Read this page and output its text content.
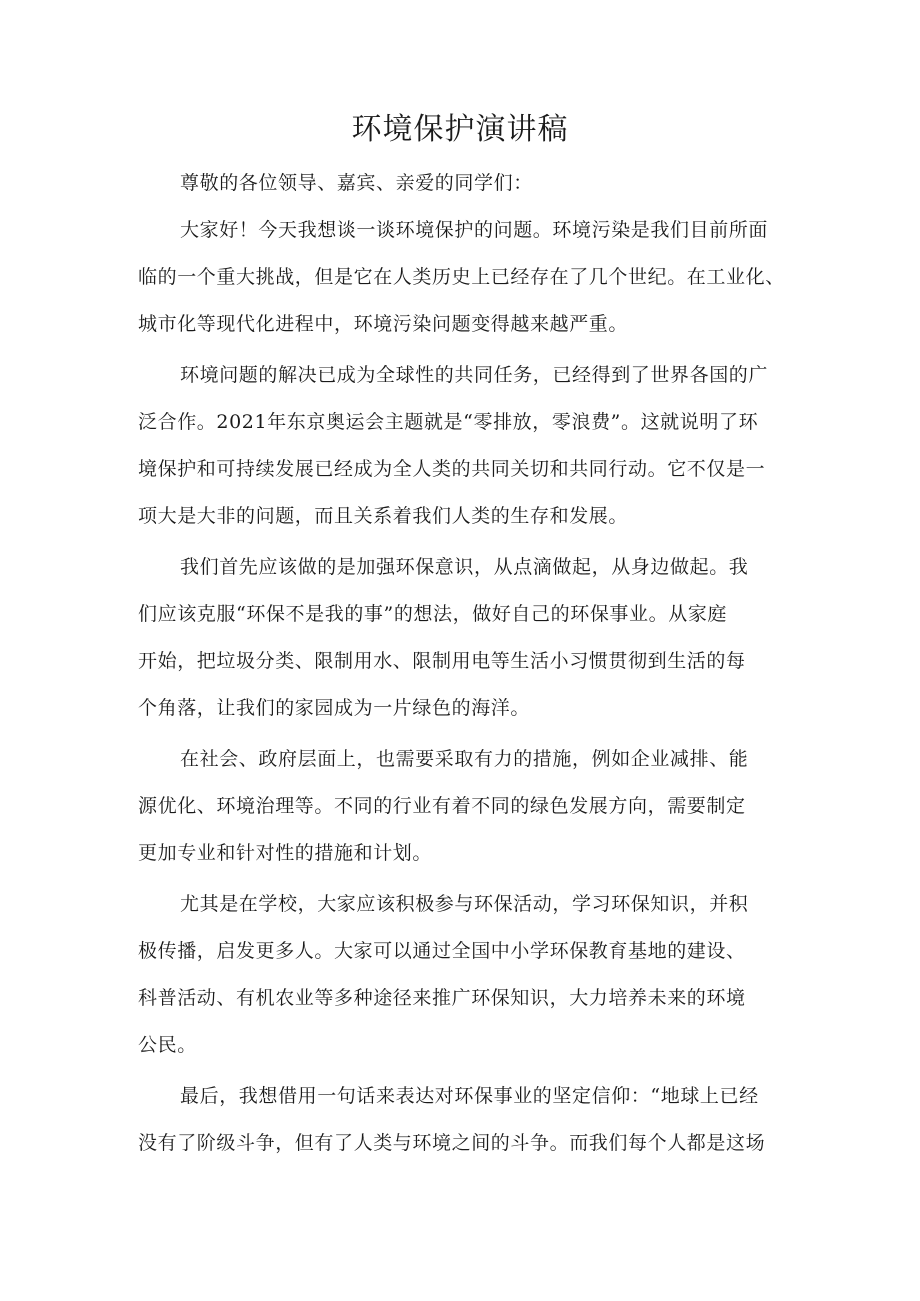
环境保护演讲稿
尊敬的各位领导、嘉宾、亲爱的同学们：
大家好！今天我想谈一谈环境保护的问题。环境污染是我们目前所面
临的一个重大挑战，但是它在人类历史上已经存在了几个世纪。在工业化、
城市化等现代化进程中，环境污染问题变得越来越严重。
环境问题的解决已成为全球性的共同任务，已经得到了世界各国的广
泛合作。2021年东京奥运会主题就是“零排放，零浪费”。这就说明了环
境保护和可持续发展已经成为全人类的共同关切和共同行动。它不仅是一
项大是大非的问题，而且关系着我们人类的生存和发展。
我们首先应该做的是加强环保意识，从点滴做起，从身边做起。我
们应该克服“环保不是我的事”的想法，做好自己的环保事业。从家庭
开始，把垃圾分类、限制用水、限制用电等生活小习惯贯彻到生活的每
个角落，让我们的家园成为一片绿色的海洋。
在社会、政府层面上，也需要采取有力的措施，例如企业减排、能
源优化、环境治理等。不同的行业有着不同的绿色发展方向，需要制定
更加专业和针对性的措施和计划。
尤其是在学校，大家应该积极参与环保活动，学习环保知识，并积
极传播，启发更多人。大家可以通过全国中小学环保教育基地的建设、
科普活动、有机农业等多种途径来推广环保知识，大力培养未来的环境
公民。
最后，我想借用一句话来表达对环保事业的坚定信仰：“地球上已经
没有了阶级斗争，但有了人类与环境之间的斗争。而我们每个人都是这场
